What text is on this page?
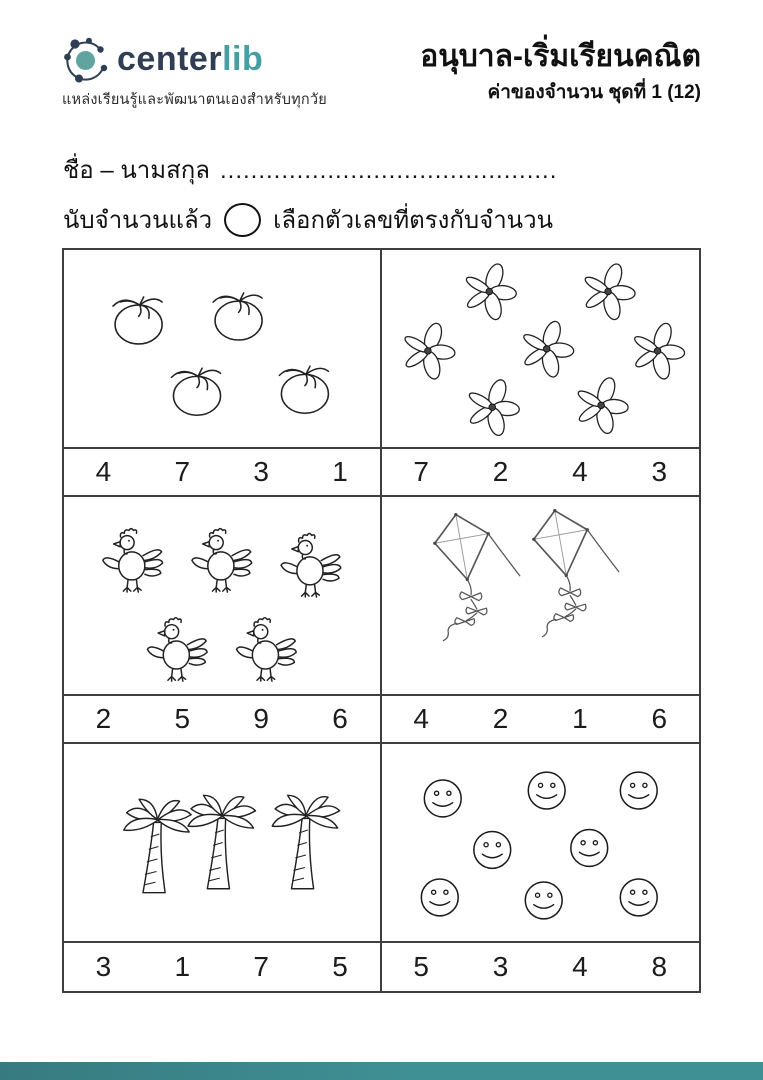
centerlib
แหล่งเรียนรู้และพัฒนาตนเองสำหรับทุกวัย
อนุบาล-เริ่มเรียนคณิต
ค่าของจำนวน ชุดที่ 1 (12)
ชื่อ – นามสกุล ............................................
นับจำนวนแล้ว	เลือกตัวเลขที่ตรงกับจำนวน
4	7	3	1	7	2	4	3
2	5	9	6	4	2	1	6
3	1	7	5	5	3	4	8
